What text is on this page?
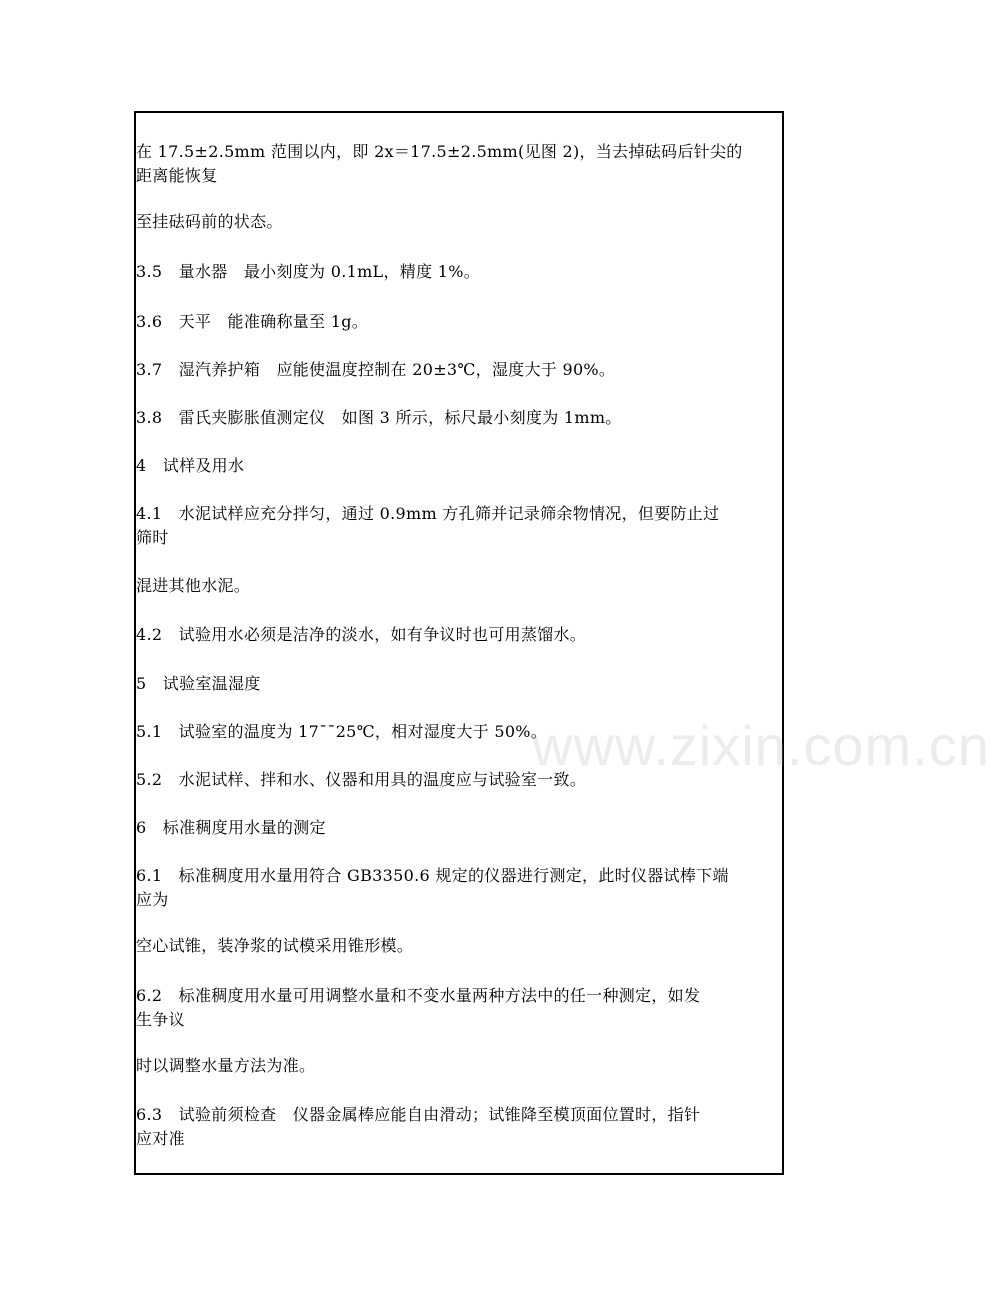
www.zixin.com.cn
在 17.5±2.5mm 范围以内，即 2x＝17.5±2.5mm(见图 2)，当去掉砝码后针尖的
距离能恢复
至挂砝码前的状态。
3.5　量水器　最小刻度为 0.1mL，精度 1%。
3.6　天平　能准确称量至 1g。
3.7　湿汽养护箱　应能使温度控制在 20±3℃，湿度大于 90%。
3.8　雷氏夹膨胀值测定仪　如图 3 所示，标尺最小刻度为 1mm。
4　试样及用水
4.1　水泥试样应充分拌匀，通过 0.9mm 方孔筛并记录筛余物情况，但要防止过
筛时
混进其他水泥。
4.2　试验用水必须是洁净的淡水，如有争议时也可用蒸馏水。
5　试验室温湿度
5.1　试验室的温度为 17¯¯25℃，相对湿度大于 50%。
5.2　水泥试样、拌和水、仪器和用具的温度应与试验室一致。
6　标准稠度用水量的测定
6.1　标准稠度用水量用符合 GB3350.6 规定的仪器进行测定，此时仪器试棒下端
应为
空心试锥，装净浆的试模采用锥形模。
6.2　标准稠度用水量可用调整水量和不变水量两种方法中的任一种测定，如发
生争议
时以调整水量方法为准。
6.3　试验前须检查　仪器金属棒应能自由滑动；试锥降至模顶面位置时，指针
应对准
